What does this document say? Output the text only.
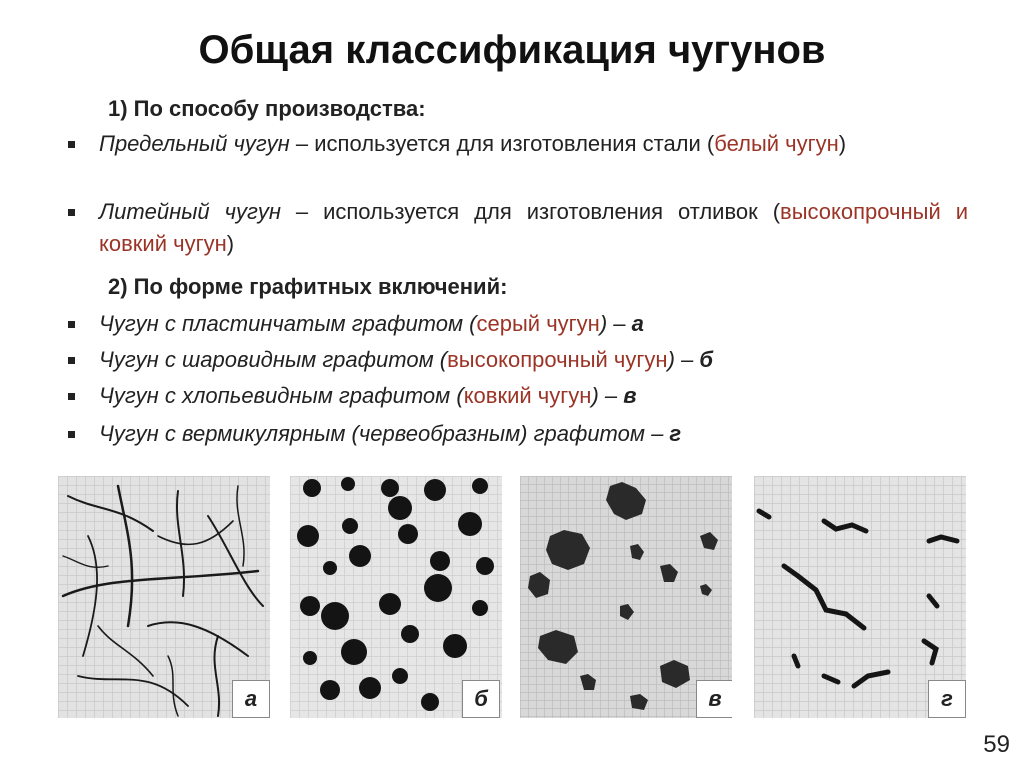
Общая классификация чугунов
1) По способу производства:
Предельный чугун – используется для изготовления стали (белый чугун)
Литейный чугун – используется для изготовления отливок (высокопрочный и ковкий чугун)
2) По форме графитных включений:
Чугун с пластинчатым графитом (серый чугун) – а
Чугун с шаровидным графитом (высокопрочный чугун) – б
Чугун с хлопьевидным графитом (ковкий чугун) – в
Чугун с вермикулярным (червеобразным) графитом – г
а	б	в	г
59
